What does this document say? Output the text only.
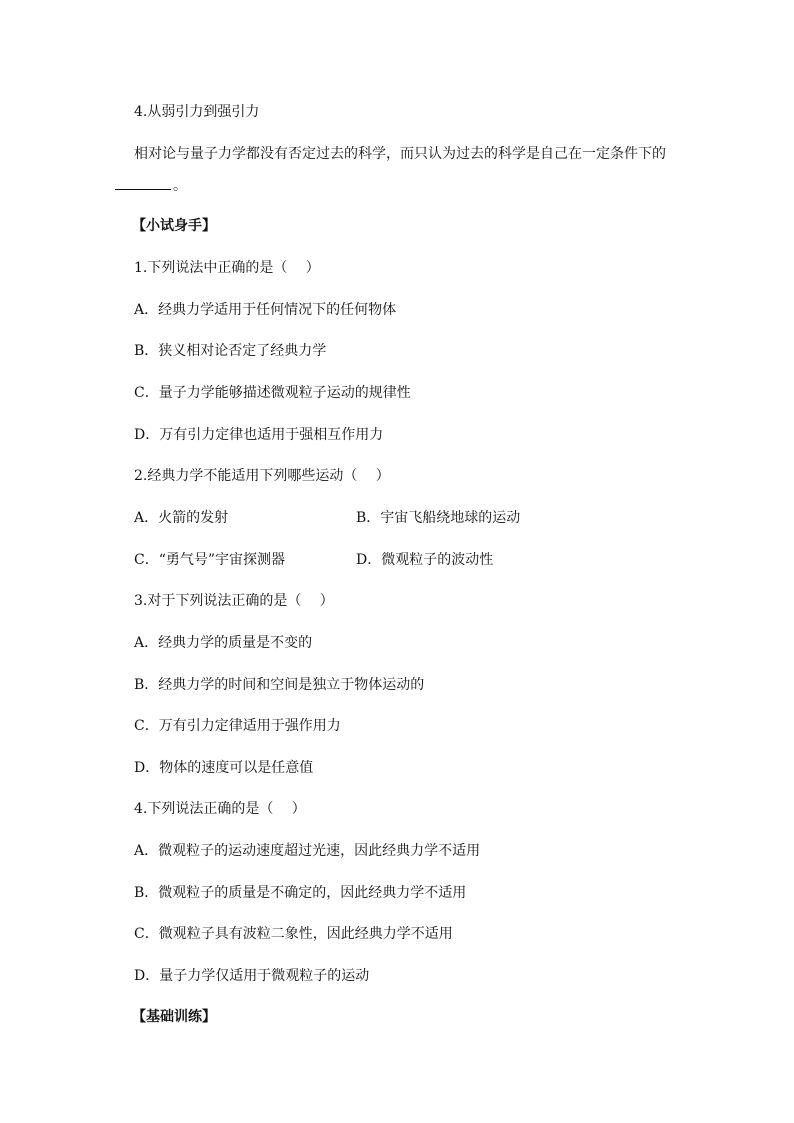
4.从弱引力到强引力
相对论与量子力学都没有否定过去的科学，而只认为过去的科学是自己在一定条件下的
。
【小试身手】
1.下列说法中正确的是（　 ）
A．经典力学适用于任何情况下的任何物体
B．狭义相对论否定了经典力学
C．量子力学能够描述微观粒子运动的规律性
D．万有引力定律也适用于强相互作用力
2.经典力学不能适用下列哪些运动（　 ）
A．火箭的发射	B．宇宙飞船绕地球的运动
C．“勇气号”宇宙探测器	D．微观粒子的波动性
3.对于下列说法正确的是（　 ）
A．经典力学的质量是不变的
B．经典力学的时间和空间是独立于物体运动的
C．万有引力定律适用于强作用力
D．物体的速度可以是任意值
4.下列说法正确的是（　 ）
A．微观粒子的运动速度超过光速，因此经典力学不适用
B．微观粒子的质量是不确定的，因此经典力学不适用
C．微观粒子具有波粒二象性，因此经典力学不适用
D．量子力学仅适用于微观粒子的运动
【基础训练】
